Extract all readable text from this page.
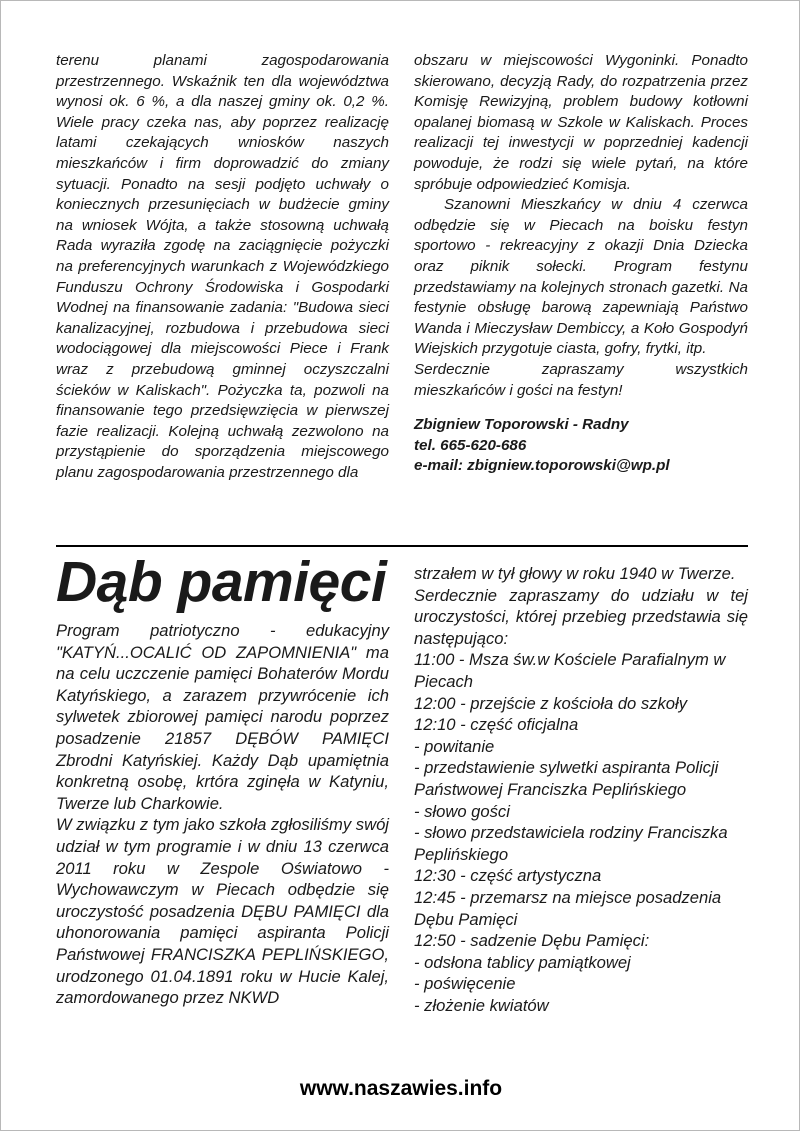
terenu planami zagospodarowania przestrzennego. Wskaźnik ten dla województwa wynosi ok. 6 %, a dla naszej gminy ok. 0,2 %. Wiele pracy czeka nas, aby poprzez realizację latami czekających wniosków naszych mieszkańców i firm doprowadzić do zmiany sytuacji. Ponadto na sesji podjęto uchwały o koniecznych przesunięciach w budżecie gminy na wniosek Wójta, a także stosowną uchwałą Rada wyraziła zgodę na zaciągnięcie pożyczki na preferencyjnych warunkach z Wojewódzkiego Funduszu Ochrony Środowiska i Gospodarki Wodnej na finansowanie zadania: "Budowa sieci kanalizacyjnej, rozbudowa i przebudowa sieci wodociągowej dla miejscowości Piece i Frank wraz z przebudową gminnej oczyszczalni ścieków w Kaliskach". Pożyczka ta, pozwoli na finansowanie tego przedsięwzięcia w pierwszej fazie realizacji. Kolejną uchwałą zezwolono na przystąpienie do sporządzenia miejscowego planu zagospodarowania przestrzennego dla

obszaru w miejscowości Wygoninki. Ponadto skierowano, decyzją Rady, do rozpatrzenia przez Komisję Rewizyjną, problem budowy kotłowni opalanej biomasą w Szkole w Kaliskach. Proces realizacji tej inwestycji w poprzedniej kadencji powoduje, że rodzi się wiele pytań, na które spróbuje odpowiedzieć Komisja.

Szanowni Mieszkańcy w dniu 4 czerwca odbędzie się w Piecach na boisku festyn sportowo - rekreacyjny z okazji Dnia Dziecka oraz piknik sołecki. Program festynu przedstawiamy na kolejnych stronach gazetki. Na festynie obsługę barową zapewniają Państwo Wanda i Mieczysław Dembiccy, a Koło Gospodyń Wiejskich przygotuje ciasta, gofry, frytki, itp.

Serdecznie zapraszamy wszystkich mieszkańców i gości na festyn!

Zbigniew Toporowski - Radny

tel. 665-620-686

e-mail: zbigniew.toporowski@wp.pl

Dąb pamięci

Program patriotyczno - edukacyjny "KATYŃ...OCALIĆ OD ZAPOMNIENIA" ma na celu uczczenie pamięci Bohaterów Mordu Katyńskiego, a zarazem przywrócenie ich sylwetek zbiorowej pamięci narodu poprzez posadzenie 21857 DĘBÓW PAMIĘCI Zbrodni Katyńskiej. Każdy Dąb upamiętnia konkretną osobę, krtóra zginęła w Katyniu, Twerze lub Charkowie.

W związku z tym jako szkoła zgłosiliśmy swój udział w tym programie i w dniu 13 czerwca 2011 roku w Zespole Oświatowo - Wychowawczym w Piecach odbędzie się uroczystość posadzenia DĘBU PAMIĘCI dla uhonorowania pamięci aspiranta Policji Państwowej FRANCISZKA PEPLIŃSKIEGO, urodzonego 01.04.1891 roku w Hucie Kalej, zamordowanego przez NKWD

strzałem w tył głowy w roku 1940 w Twerze.

Serdecznie zapraszamy do udziału w tej uroczystości, której przebieg przedstawia się następująco:

11:00 - Msza św.w Kościele Parafialnym w Piecach
12:00 - przejście z kościoła do szkoły
12:10 - część oficjalna
- powitanie
- przedstawienie sylwetki aspiranta Policji Państwowej Franciszka Peplińskiego
- słowo gości
- słowo przedstawiciela rodziny Franciszka Peplińskiego
12:30 - część artystyczna
12:45 - przemarsz na miejsce posadzenia Dębu Pamięci
12:50 - sadzenie Dębu Pamięci:
- odsłona tablicy pamiątkowej
- poświęcenie
- złożenie kwiatów
www.naszawies.info
